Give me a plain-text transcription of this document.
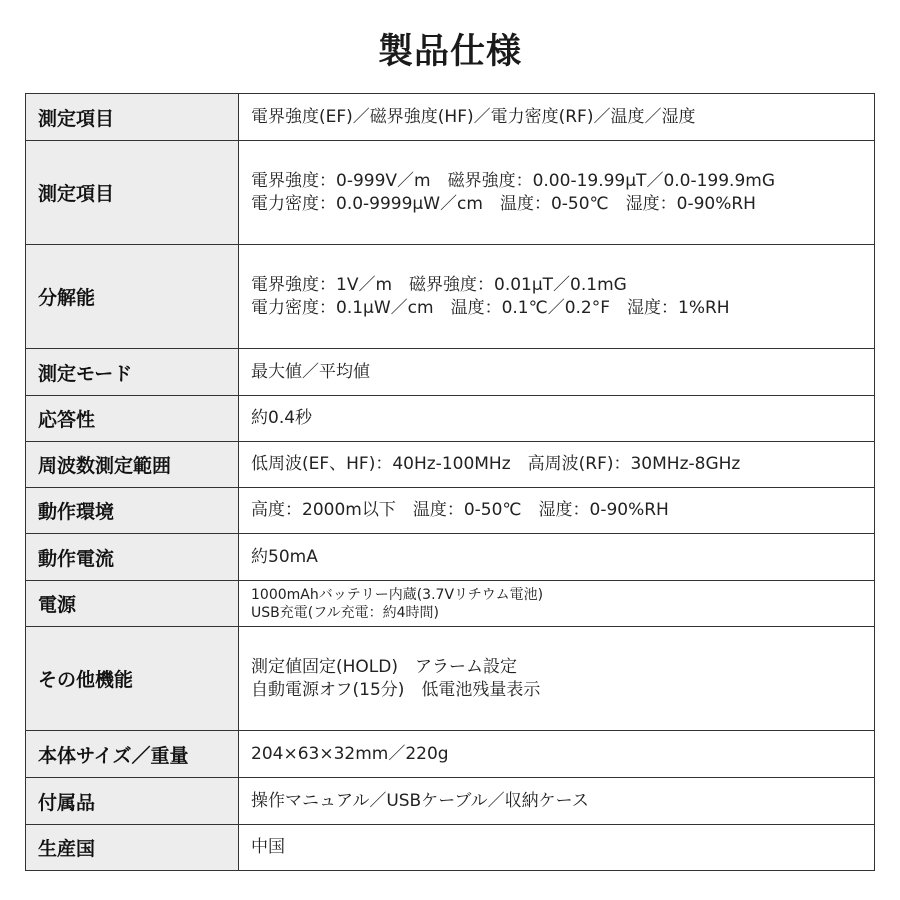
製品仕様
測定項目	電界強度(EF)／磁界強度(HF)／電力密度(RF)／温度／湿度

測定項目	電界強度：0-999V／m　磁界強度：0.00-19.99μT／0.0-199.9mG
電力密度：0.0-9999μW／cm　温度：0-50℃　湿度：0-90%RH

分解能	電界強度：1V／m　磁界強度：0.01μT／0.1mG
電力密度：0.1μW／cm　温度：0.1℃／0.2°F　湿度：1%RH

測定モード	最大値／平均値

応答性	約0.4秒

周波数測定範囲	低周波(EF、HF)：40Hz-100MHz　高周波(RF)：30MHz-8GHz

動作環境	高度：2000m以下　温度：0-50℃　湿度：0-90%RH

動作電流	約50mA

電源	1000mAhバッテリー内蔵(3.7Vリチウム電池)
USB充電(フル充電：約4時間)

その他機能	測定値固定(HOLD)　アラーム設定
自動電源オフ(15分)　低電池残量表示

本体サイズ／重量	204×63×32mm／220g

付属品	操作マニュアル／USBケーブル／収納ケース

生産国	中国
